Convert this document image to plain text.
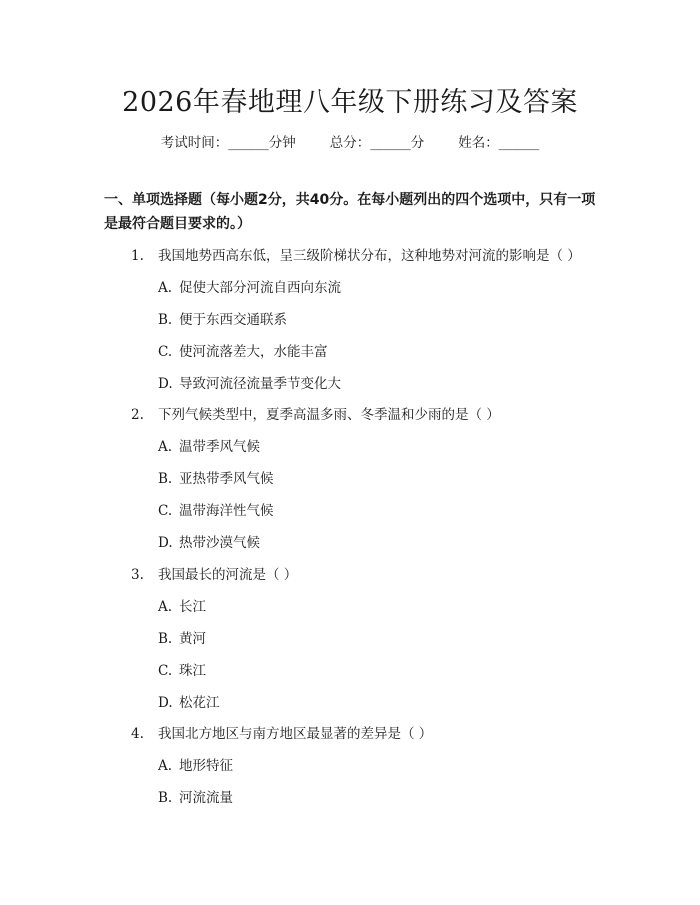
2026年春地理八年级下册练习及答案
考试时间：______分钟	总分：______分	姓名：______
一、单项选择题（每小题2分，共40分。在每小题列出的四个选项中，只有一项是最符合题目要求的。）
1. 我国地势西高东低，呈三级阶梯状分布，这种地势对河流的影响是（ ）
A. 促使大部分河流自西向东流
B. 便于东西交通联系
C. 使河流落差大，水能丰富
D. 导致河流径流量季节变化大
2. 下列气候类型中，夏季高温多雨、冬季温和少雨的是（ ）
A. 温带季风气候
B. 亚热带季风气候
C. 温带海洋性气候
D. 热带沙漠气候
3. 我国最长的河流是（ ）
A. 长江
B. 黄河
C. 珠江
D. 松花江
4. 我国北方地区与南方地区最显著的差异是（ ）
A. 地形特征
B. 河流流量
